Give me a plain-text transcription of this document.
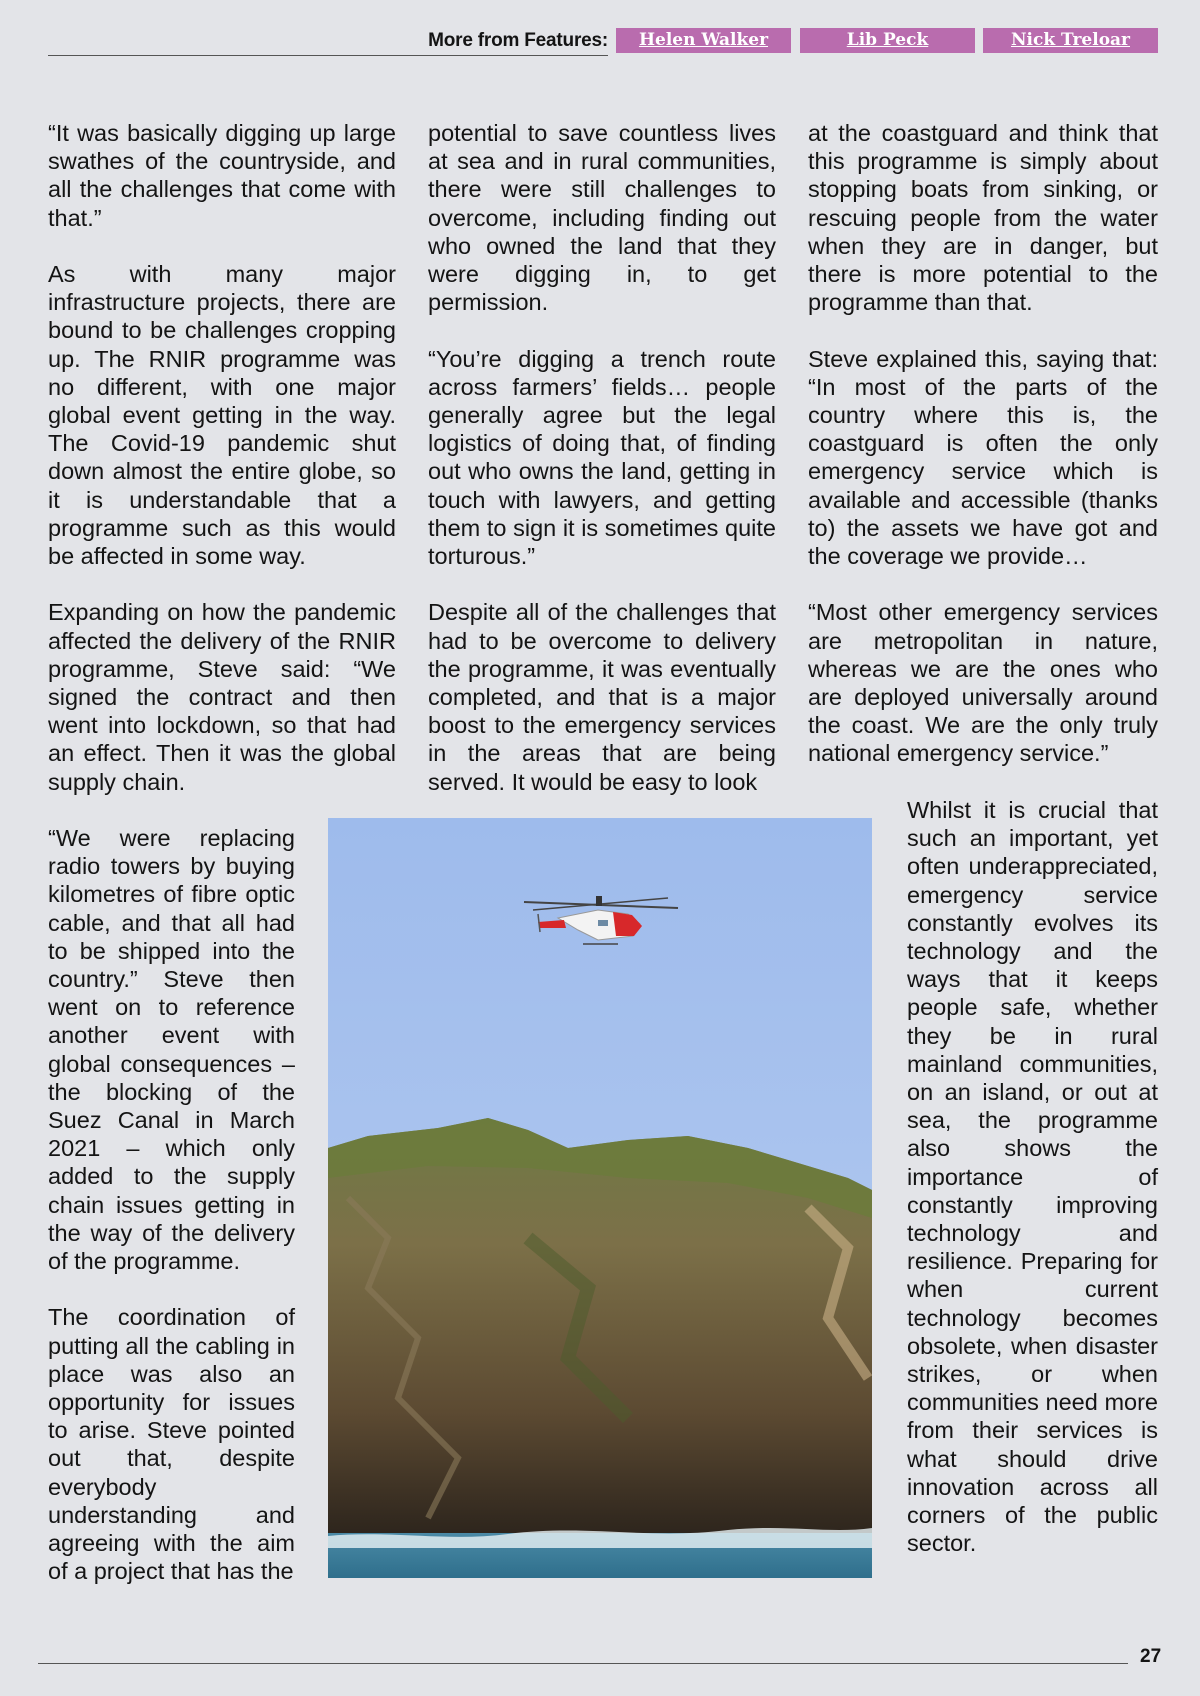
More from Features:	Helen Walker	Lib Peck	Nick Treloar

“It was basically digging up large swathes of the countryside, and all the challenges that come with that.”

As with many major infrastructure projects, there are bound to be challenges cropping up. The RNIR programme was no different, with one major global event getting in the way. The Covid-19 pandemic shut down almost the entire globe, so it is understandable that a programme such as this would be affected in some way.

Expanding on how the pandemic affected the delivery of the RNIR programme, Steve said: “We signed the contract and then went into lockdown, so that had an effect. Then it was the global supply chain.

“We were replacing radio towers by buying kilometres of fibre optic cable, and that all had to be shipped into the country.” Steve then went on to reference another event with global consequences – the blocking of the Suez Canal in March 2021 – which only added to the supply chain issues getting in the way of the delivery of the programme.

The coordination of putting all the cabling in place was also an opportunity for issues to arise. Steve pointed out that, despite everybody understanding and agreeing with the aim of a project that has the

potential to save countless lives at sea and in rural communities, there were still challenges to overcome, including finding out who owned the land that they were digging in, to get permission.

“You’re digging a trench route across farmers’ fields… people generally agree but the legal logistics of doing that, of finding out who owns the land, getting in touch with lawyers, and getting them to sign it is sometimes quite torturous.”

Despite all of the challenges that had to be overcome to delivery the programme, it was eventually completed, and that is a major boost to the emergency services in the areas that are being served. It would be easy to look

at the coastguard and think that this programme is simply about stopping boats from sinking, or rescuing people from the water when they are in danger, but there is more potential to the programme than that.

Steve explained this, saying that: “In most of the parts of the country where this is, the coastguard is often the only emergency service which is available and accessible (thanks to) the assets we have got and the coverage we provide…

“Most other emergency services are metropolitan in nature, whereas we are the ones who are deployed universally around the coast. We are the only truly national emergency service.”

Whilst it is crucial that such an important, yet often underappreciated, emergency service constantly evolves its technology and the ways that it keeps people safe, whether they be in rural mainland communities, on an island, or out at sea, the programme also shows the importance of constantly improving technology and resilience. Preparing for when current technology becomes obsolete, when disaster strikes, or when communities need more from their services is what should drive innovation across all corners of the public sector.

27
